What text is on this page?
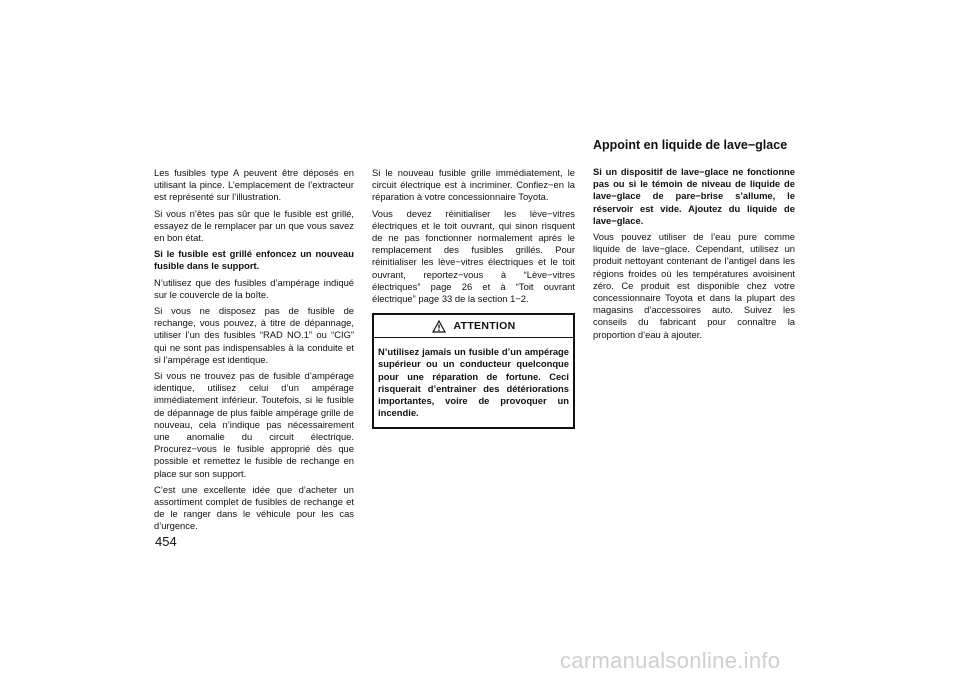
Les fusibles type A peuvent être déposés en utilisant la pince. L’emplacement de l’extracteur est représenté sur l’illustration.

Si vous n’êtes pas sûr que le fusible est grillé, essayez de le remplacer par un que vous savez en bon état.

Si le fusible est grillé enfoncez un nouveau fusible dans le support.

N’utilisez que des fusibles d’ampérage indiqué sur le couvercle de la boîte.

Si vous ne disposez pas de fusible de rechange, vous pouvez, à titre de dépannage, utiliser l’un des fusibles “RAD NO.1” ou “CIG” qui ne sont pas indispensables à la conduite et si l’ampérage est identique.

Si vous ne trouvez pas de fusible d’ampérage identique, utilisez celui d’un ampérage immédiatement inférieur. Toutefois, si le fusible de dépannage de plus faible ampérage grille de nouveau, cela n’indique pas nécessairement une anomalie du circuit électrique. Procurez−vous le fusible approprié dès que possible et remettez le fusible de rechange en place sur son support.

C’est une excellente idée que d’acheter un assortiment complet de fusibles de rechange et de le ranger dans le véhicule pour les cas d’urgence.

Si le nouveau fusible grille immédiatement, le circuit électrique est à incriminer. Confiez−en la réparation à votre concessionnaire Toyota.

Vous devez réinitialiser les lève−vitres électriques et le toit ouvrant, qui sinon risquent de ne pas fonctionner normalement après le remplacement des fusibles grillés. Pour réinitialiser les lève−vitres électriques et le toit ouvrant, reportez−vous à “Lève−vitres électriques” page 26 et à “Toit ouvrant électrique” page 33 de la section 1−2.

ATTENTION

N’utilisez jamais un fusible d’un ampérage supérieur ou un conducteur quelconque pour une réparation de fortune. Ceci risquerait d’entraîner des détériorations importantes, voire de provoquer un incendie.

Appoint en liquide de lave−glace

Si un dispositif de lave−glace ne fonctionne pas ou si le témoin de niveau de liquide de lave−glace de pare−brise s’allume, le réservoir est vide. Ajoutez du liquide de lave−glace.

Vous pouvez utiliser de l’eau pure comme liquide de lave−glace. Cependant, utilisez un produit nettoyant contenant de l’antigel dans les régions froides où les températures avoisinent zéro. Ce produit est disponible chez votre concessionnaire Toyota et dans la plupart des magasins d’accessoires auto. Suivez les conseils du fabricant pour connaître la proportion d’eau à ajouter.

454
carmanualsonline.info
